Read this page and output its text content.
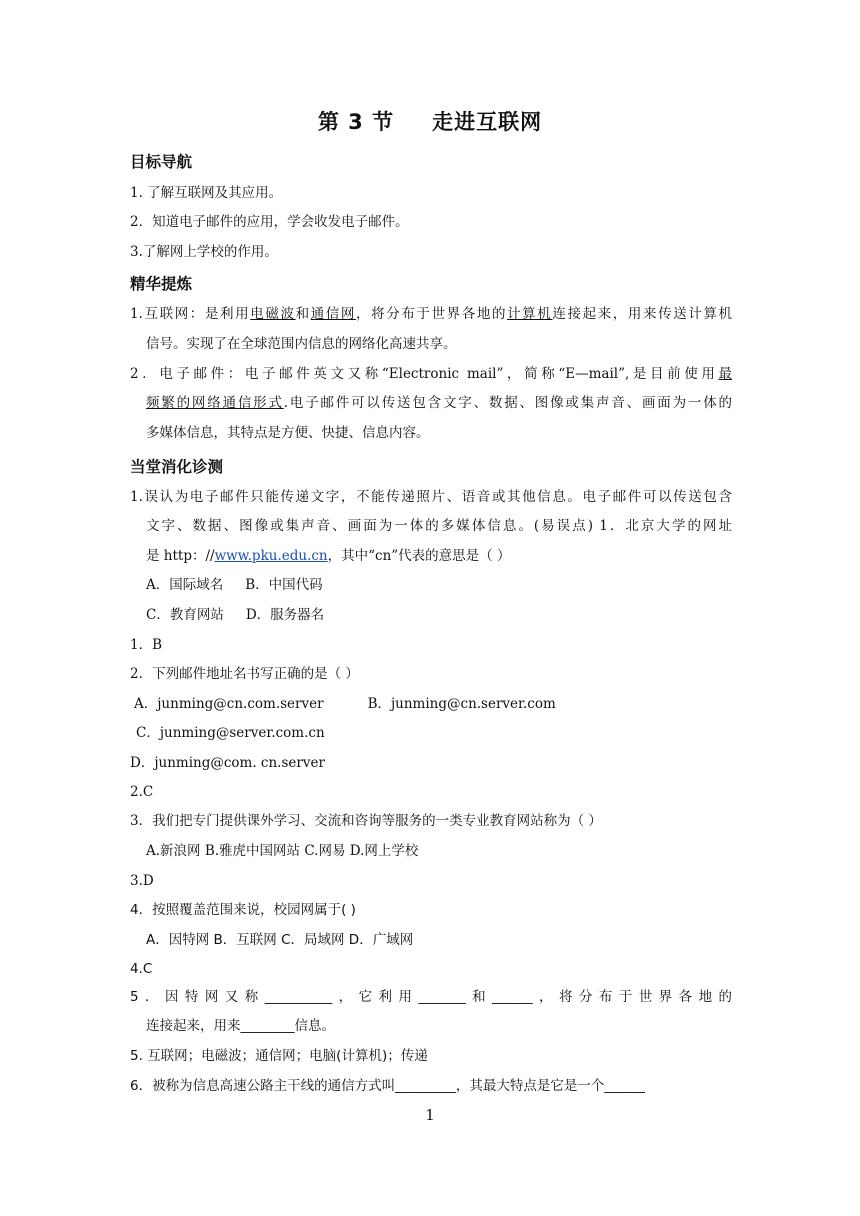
第 3 节 走进互联网
目标导航
1. 了解互联网及其应用。
2．知道电子邮件的应用，学会收发电子邮件。
3.了解网上学校的作用。
精华提炼
1.互联网：是利用电磁波和通信网，将分布于世界各地的计算机连接起来，用来传送计算机
信号。实现了在全球范围内信息的网络化高速共享。
2．电子邮件：电子邮件英文又称“Electronic mail”，简称“E—mail”,是目前使用最
频繁的网络通信形式.电子邮件可以传送包含文字、数据、图像或集声音、画面为一体的
多媒体信息，其特点是方便、快捷、信息内容。
当堂消化诊测
1.误认为电子邮件只能传递文字，不能传递照片、语音或其他信息。电子邮件可以传送包含
文字、数据、图像或集声音、画面为一体的多媒体信息。(易误点) 1．北京大学的网址
是 http：//www.pku.edu.cn，其中“cn”代表的意思是（ ）
A．国际域名 B．中国代码
C．教育网站 D．服务器名
1．B
2．下列邮件地址名书写正确的是（ ）
A．junming@cn.com.server	B．junming@cn.server.com
C．junming@server.com.cn
D．junming@com. cn.server
2.C
3．我们把专门提供课外学习、交流和咨询等服务的一类专业教育网站称为（ ）
A.新浪网 B.雅虎中国网站 C.网易 D.网上学校
3.D
4．按照覆盖范围来说，校园网属于( )
A．因特网 B．互联网 C．局域网 D．广域网
4.C
5．因特网又称__________，它利用_______和______，将分布于世界各地的
连接起来，用来________信息。
5. 互联网；电磁波；通信网；电脑(计算机)；传递
6．被称为信息高速公路主干线的通信方式叫_________，其最大特点是它是一个______
1
